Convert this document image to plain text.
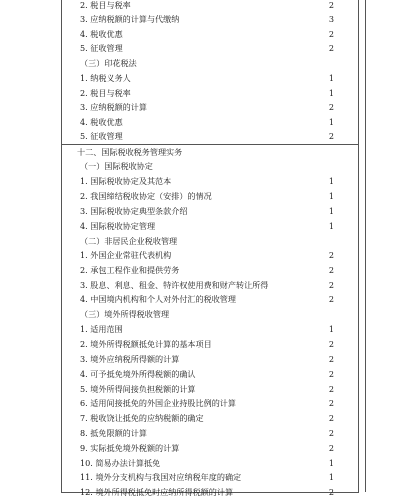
2. 税目与税率	2
3. 应纳税额的计算与代缴纳	3
4. 税收优惠	2
5. 征收管理	2
（三）印花税法
1. 纳税义务人	1
2. 税目与税率	1
3. 应纳税额的计算	2
4. 税收优惠	1
5. 征收管理	2
十二、国际税收税务管理实务
（一）国际税收协定
1. 国际税收协定及其范本	1
2. 我国缔结税收协定（安排）的情况	1
3. 国际税收协定典型条款介绍	1
4. 国际税收协定管理	1
（二）非居民企业税收管理
1. 外国企业常驻代表机构	2
2. 承包工程作业和提供劳务	2
3. 股息、利息、租金、特许权使用费和财产转让所得	2
4. 中国境内机构和个人对外付汇的税收管理	2
（三）境外所得税收管理
1. 适用范围	1
2. 境外所得税额抵免计算的基本项目	2
3. 境外应纳税所得额的计算	2
4. 可予抵免境外所得税额的确认	2
5. 境外所得间接负担税额的计算	2
6. 适用间接抵免的外国企业持股比例的计算	2
7. 税收饶让抵免的应纳税额的确定	2
8. 抵免限额的计算	2
9. 实际抵免境外税额的计算	2
10. 简易办法计算抵免	1
11. 境外分支机构与我国对应纳税年度的确定	1
12. 境外所得税抵免时应纳所得税额的计算	2
